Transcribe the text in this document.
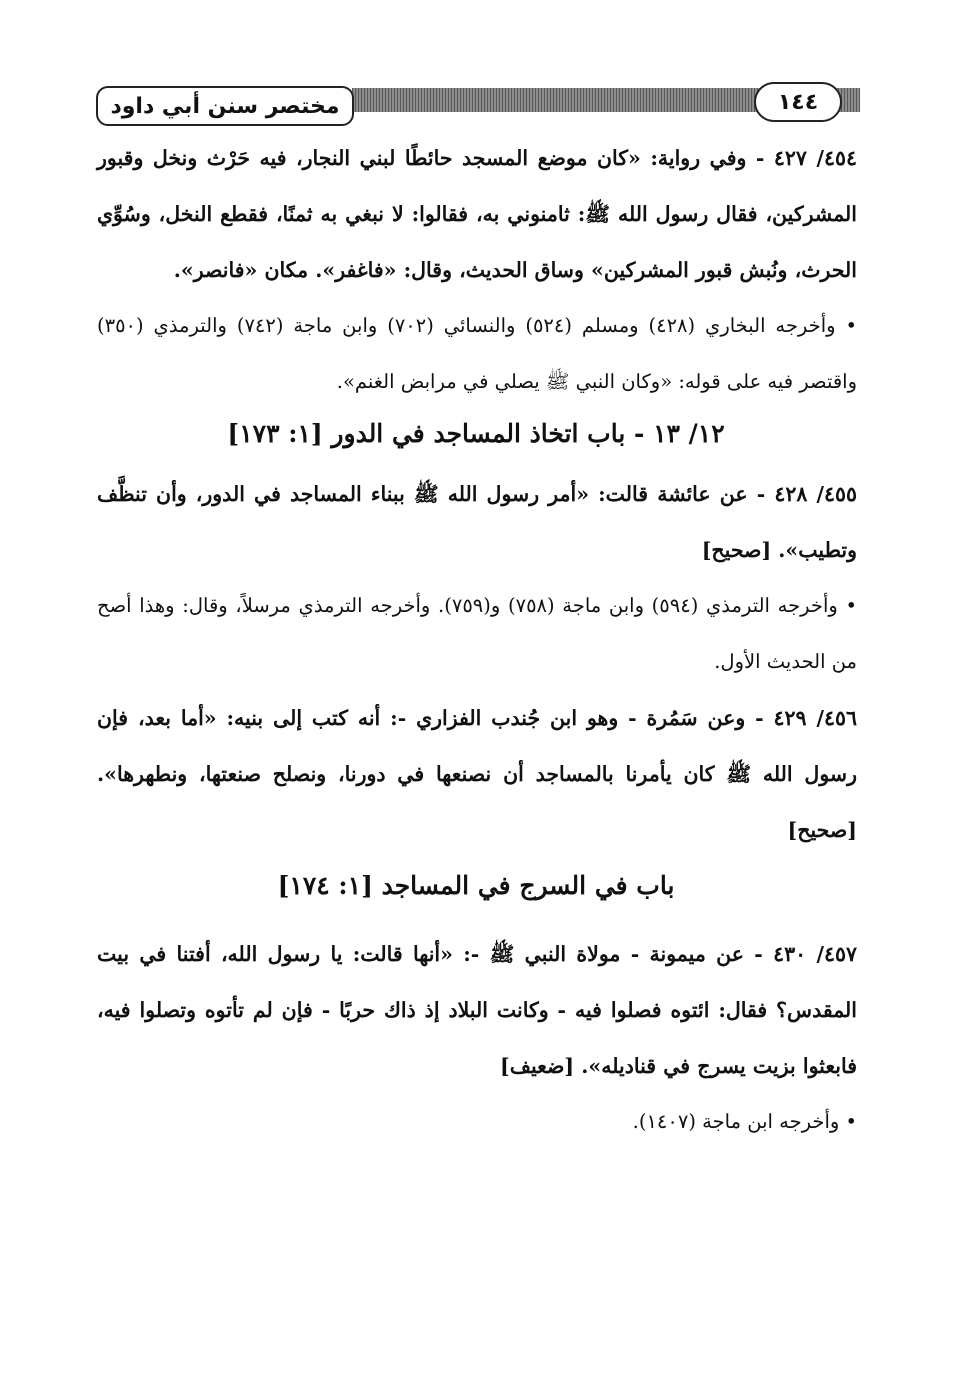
مختصر سنن أبي داود	١٤٤

٤٥٤/ ٤٢٧ - وفي رواية: «كان موضع المسجد حائطًا لبني النجار، فيه حَرْث ونخل وقبور المشركين، فقال رسول الله ﷺ: ثامنوني به، فقالوا: لا نبغي به ثمنًا، فقطع النخل، وسُوِّي الحرث، ونُبش قبور المشركين» وساق الحديث، وقال: «فاغفر». مكان «فانصر».

• وأخرجه البخاري (٤٢٨) ومسلم (٥٢٤) والنسائي (٧٠٢) وابن ماجة (٧٤٢) والترمذي (٣٥٠) واقتصر فيه على قوله: «وكان النبي ﷺ يصلي في مرابض الغنم».

١٢/ ١٣ - باب اتخاذ المساجد في الدور [١: ١٧٣]

٤٥٥/ ٤٢٨ - عن عائشة قالت: «أمر رسول الله ﷺ ببناء المساجد في الدور، وأن تنظَّف وتطيب». [صحيح]

• وأخرجه الترمذي (٥٩٤) وابن ماجة (٧٥٨) و(٧٥٩). وأخرجه الترمذي مرسلاً، وقال: وهذا أصح من الحديث الأول.

٤٥٦/ ٤٢٩ - وعن سَمُرة - وهو ابن جُندب الفزاري -: أنه كتب إلى بنيه: «أما بعد، فإن رسول الله ﷺ كان يأمرنا بالمساجد أن نصنعها في دورنا، ونصلح صنعتها، ونطهرها». [صحيح]

باب في السرج في المساجد [١: ١٧٤]

٤٥٧/ ٤٣٠ - عن ميمونة - مولاة النبي ﷺ -: «أنها قالت: يا رسول الله، أفتنا في بيت المقدس؟ فقال: ائتوه فصلوا فيه - وكانت البلاد إذ ذاك حربًا - فإن لم تأتوه وتصلوا فيه، فابعثوا بزيت يسرج في قناديله». [ضعيف]

• وأخرجه ابن ماجة (١٤٠٧).
